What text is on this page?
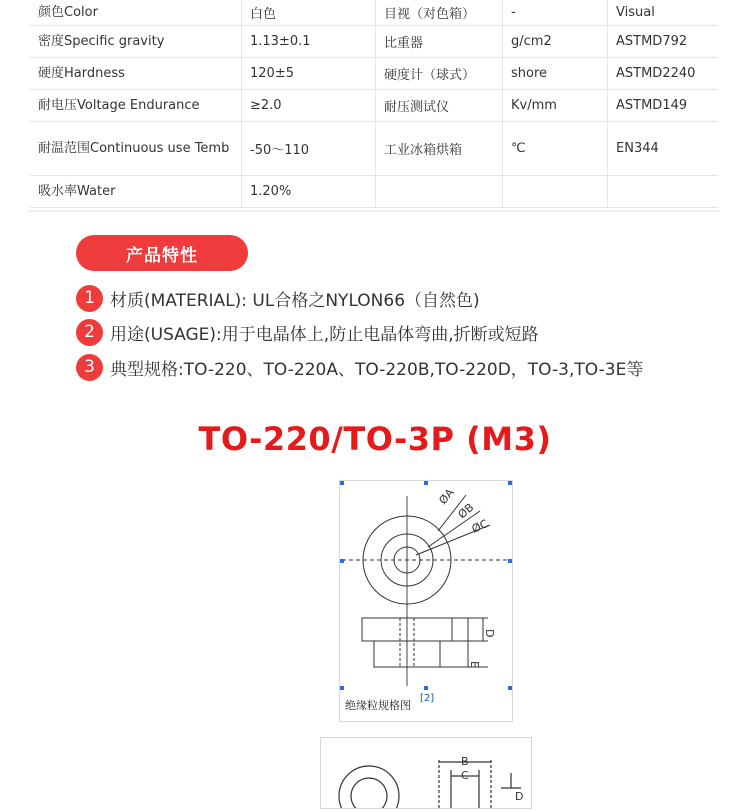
颜色Color	白色	目视（对色箱）	-	Visual
密度Specific gravity	1.13±0.1	比重器	g/cm2	ASTMD792
硬度Hardness	120±5	硬度计（球式）	shore	ASTMD2240
耐电压Voltage Endurance	≥2.0	耐压测试仪	Kv/mm	ASTMD149
耐温范围Continuous use Temb	-50～110	工业冰箱烘箱	℃	EN344
吸水率Water	1.20%			
产品特性
1 材质(MATERIAL): UL合格之NYLON66（自然色)
2 用途(USAGE):用于电晶体上,防止电晶体弯曲,折断或短路
3 典型规格:TO-220、TO-220A、TO-220B,TO-220D，TO-3,TO-3E等
TO-220/TO-3P (M3)
ØA
ØB
ØC
E
D
绝缘粒规格图
[2]
B
C
D
